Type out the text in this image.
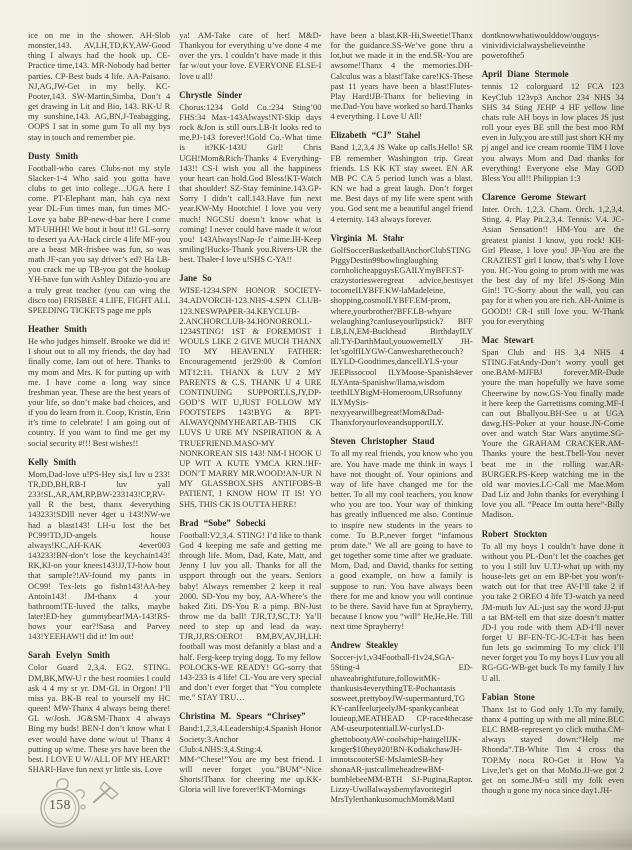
ice on me in the shower. AH-Slob monster,143. AV,LH,TD,KY,AW-Good thing I always had the hook up. CE-Practice time,143. MR-Nobody had better parties. CP-Best buds 4 life. AA-Paisano. NJ,AG,JW-Get in my belly. KC-Pooter,143. SW-Martin,Simba, Don’t 4 get drawing in Lit and Bio, 143. RK-U R my sunshine,143. AG,BN,J-Teabagging, OOPS I sat in some gum To all my bys stay in touch and remember pie.
Dusty Smith
Football-who cares Clubs-not my style Slacker-1-4 Who said you gotta have clubs to get into college…UGA here I come. PT-Elephant man, hah cya next year DL-Fun times man, fun times MC-Love ya babe BP-new-d-bar here I come MT-UHHH! We bout it bout it!! GL-sorry to desert ya AA-Hack circle 4 life MF-you are a beast MR-frisbee was fun, so was math JF-can you say driver’s ed? Ha LB-you crack me up TB-you got the hookup YH-have fun with Ashley Difazio-you are a truly great teacher (you can wing the disco too) FRISBEE 4 LIFE, FIGHT ALL SPEEDING TICKETS page me ppls
Heather Smith
He who judges himself. Brooke we did it! I shout out to all my friends, the day had finally come, Iam out of here. Thanks to my mom and Mrs. K for putting up with me. I have come a long way since freshman year. These are the best years of your life, so don’t make bad choices, and if you do learn from it. Coop, Kristin, Erin it’s time to celebrate! I am going out of country. If you want to find me get my social security #!!! Best wishes!!
Kelly Smith
Mom,Dad-love u!PS-Hey sis,I luv u 233! TR,DD,BH,RB-I luv yall 233!SL,AR,AM,RP,BW-233143!CP,RV-yall R the best, thanx 4everything 143233!SDIll never 4get u 143!NW-we had a blast143! LH-u lost the bet PC99!TD,JD-angels house always!KC,AH-KAK 4ever003 143233!BN-don’t lose the keychain143! RK,KI-on your knees143!JJ,TJ-how bout that sample?!AV-found my pants in OC99! Tex-lets go fishn143!AA-hey Antoin143! JM-thanx 4 your bathroom!TE-luved the talks, maybe later!ED-hey gummybear!MA-143!RS-hows your ear?!Sasa and Parvey 143!YEEHAW!I did it! Im out!
Sarah Evelyn Smith
Color Guard 2,3,4. EG2. STING. DM,BK,MW-U r the best roomies I could ask 4 4 my sr yr. DM-GL in Orgon! I’ll miss ya. BK-B real to yourself my HC queen! MW-Thanx 4 always being there! GL w/Josh. JG&SM-Thanx 4 always Bing my buds! BEN-I don’t know what I ever would have done w/out u! Thanx 4 putting up w/me. These yrs have been the best. I LOVE U W/ALL OF MY HEART! SHARI-Have fun next yr little sis. Love
ya! AM-Take care of her! M&D-Thankyou for everything u’ve done 4 me over the yrs. I couldn’t have made it this far w/out your love. EVERYONE ELSE-I love u all!
Chrystle Sinder
Chorus:1234 Gold Co.:234 Sting’00 FHS:34 Max-143Always!NT-Skip days rock &Jon is still ours.LB-It looks red to me.PJ-143 forever!!Gold Co.-What time is it?KK-143U Girl! Chris UGH!Mom&Rich-Thanks 4 Everything-143!! CS-I wish you all the happiness your heart can hold.God Bless!KT-Watch that shoulder! SZ-Stay feminine.143.GP-Sorry I didn’t call.143.Have fun next year.KW-My Hootchie! I love you very much! NGCSU doesn’t know what is coming! I never could have made it w/out you! 143Always!Nap-Je t’aime.IH-Keep smiling!Hucks-Thank you.Rivers-UR the best. Thaler-I love u!SHS C-YA!!
Jane So
WISE-1234.SPN HONOR SOCIETY-34.ADVORCH-123.NHS-4.SPN CLUB-123.NESWPAPER-34.KEYCLUB-2.ANCHORCLUB-34.HONORROLL-1234STING! 1ST & FOREMOST I WOULS LIKE 2 GIVE MUCH THANX TO MY HEAVENLY FATHER: Encouragementd jer29:00 & Comfort MT12:11. THANX & LUV 2 MY PARENTS & C.S. THANK U 4 URE CONTINUING SUPPORT.LS,JY,DP-GOD’S WIT U,JUST FOLLOW MY FOOTSTEPS 143!BYG & BPT-ALWAYQNMYHEART.AB-THIS CK LUVS U URE MY NSPIRATION & A TRUEFRIEND.MASO-MY NONKOREAN SIS 143! NM-I HOOK U UP WIT A KUTE YMCA KRN.!HF-DON’T MARRY MR.WOOD!AN-UR N MY GLASSBOX.SHS ANTIFOBS-B PATIENT, I KNOW HOW IT IS! YO SHS, THIS CK IS OUTTA HERE!
Brad “Sobe” Sobecki
Football:V2,3,4. STING! I’d like to thank God 4 keeping me safe and getting me through life. Mom, Dad, Kate, Matt, and Jenny I luv you all. Thanks for all the uspport through out the years. Seniors baby! Always remember 2 keep it real 2000. SD-You my boy, AA-Where’s the baked Ziti. DS-You R a pimp. BN-Just throw me da ball! TJR,TJ,SC,TJ: Ya’ll need to step up and lead da way. TJR,JJ,RS:OERO! BM,BV,AV,JH,LH: football was most defanitly a blast and a half. Ferg-keep trying dogg. To my fellow POLOCKS-WE READY! GG-sorry that 143-233 is 4 life! CL-You are very special and don’t ever forget that “You complete me.” STAY TRU…
Christina M. Spears “Chrisey”
Band:1,2,3,4.Leadership:4.Spanish Honor Society:3.Anchor Club:4.NHS:3,4.Sting:4. MM-“Chese!”You are my best friend. I will never forget you.”BUM”-Nice Shorts!Thanx for cheering me up.KK-Gloria will live forever!KT-Mornings
have been a blast.KR-Hi,Sweetie!Thanx for the guidance.SS-We’ve gone thru a lot,but we made it in the end.SR-You are awsome!Thanx 4 the memories.DH-Calculus was a blast!Take care!KS-These past 11 years have been a blast!Flutes-Play Hard!JB-Thanx for believing in me.Dad-You have worked so hard.Thanks 4 everything. I Love U All!
Elizabeth “CJ” Stahel
Band 1,2,3,4 JS Wake up calls.Hello! SR FB remember Washington trip. Great friends. LS KK KT stay sweet. EN AR MB PC CA 5 period lunch was a blast. KN we had a great laugh. Don’t forget me. Best days of my life were spent with you. God sent me a beautiful angel friend 4 eternity. 143 always forever.
Virginia M. Stahr
GolfSoccerBasketballAnchorClubSTING PiggyDestin99bowlinglaughing cornholicheapguysEGAILYmyBFF.ST-crazystoriesweregreat advice,bestisyet tocomeILYBFF.KW-laMadeleine, shopping,cosmoILYBFF.EM-prom, where,yourbrother?BFF.LB-whyare welaughing?canIuseyourlipstick? BFF LB,LN,EM-Buckhead BirthdayILY all.TY-DarthMaul,youowemeILY JH-let’sgolfILYGW-Canwesharethecouch? ILYLD-Goodtimes,danceILYLS-your JEEPissocool ILYMoose-Spanish4ever ILYAnta-Spanishw/llama,wisdom teethILYBigM-Homeroom,URsofunny ILYMySis-nexyyearwillbegreat!Mom&Dad-ThanxforyourloveandsupportILY.
Steven Christopher Staud
To all my real friends, you know who you are. You have made me think in ways I have not thought of. Your opinions and way of life have changed me for the better. To all my cool teachers, you know who you are too. Your way of thinking has greatly influenced me also. Continue to inspire new students in the years to come. To B.P.,never forget “infamous prom date.” We all are going to have to get together some time after we graduate. Mom, Dad, and David, thanks for setting a good example, on how a family is suppose to run. You have always been there for me and know you will continue to be there. Savid have fun at Sprayberry, because I know you “will” He,He,He. Till next time Sprayberry!
Andrew Steakley
Soccer-jv1,v34Football-f1v24,SGA-5Sting-4 ED-uhaveabrightfuture,followitMK-thankusis4everythingTE-Pochantasis sosweet,prettyboyJW-supermanturd,TG KY-canIfeelurjeelyJM-spankycanbeat louieup,MEATHEAD CP-race4thecase AM-useurpotentialLW-curlysLD-ghettobootyAW-coolwhip=hairgelIJK-kroger$10hey#20!BN-KodiakchawJH-imnotscooterSE-MsJamieSB-hey shonaAR-justcallmeheadrewBM-bumblebeeMM-BTH SJ-Pugina,Raptor. Lizzy-Uwillalwaysbemyfavoritegirl MrsTylerthankusomuchMom&MattI
dontknowwhatiwoulddow/ouguys-vinividivicialwaysbelieveinthe powerofthe5
April Diane Stermole
tennis 12 colorguard 12 FCA 123 KeyClub 123vp3 Anchor 234 NHS 34 SHS 34 Sting JEHP 4 HF yellow line chats rule AH boys in low places JS just roll your eyes BE still the best moo RM even in July,you are still just short KH my pj angel and ice cream roomie TIM I love you always Mom and Dad thanks for everything! Everyone else May GOD Bless You all!! Philippian 1:3
Clarence Gerome Stewart
Inter. Orch. 1,2,3. Cham. Orch. 1,2,3,4. Sting. 4. Play Pit.2,3,4. Tennis: V.4. JC-Asian Sensation!! HM-You are the greatest pianist I know, you rock! KH-Girl Please, I love you! JP-You are the CRAZIEST girl I know, that’s why I love you. HC-You going to prom with me was the best day of my life! JS-Song Min Gin!! TC-Sorry about the wall, you can pay for it when you are rich. AH-Anime is GOOD!! CR-I still love you. W-Thank you for everything
Mac Stewart
Span Club and HS 3,4 NHS 4 STING.FatAndy-Don’t worry youll get one.BAM-MJFBJ forever.MR-Dude youre the man hopefully we have some Cheerwine by now.GS-You finally made it here keep the Garrettisms coming.MF-I can out Bballyou.BH-See u at UGA dawg.HS-Poker at your house.JN-Come over and watch Star Wars anytime.SG-Youre the GRAHAM CRACKER.AM-Thanks youre the best.Tbell-You never beat me in the rolling war.AR-BURGER.PS-Keep watching me in the old war movies.LC-Call me Mae.Mom Dad Liz and John thanks for everything I love you all. “Peace Im outta here”-Billy Madison.
Robert Stockton
To all my boys I couldn’t have done it without you PL-Don’t let the coaches get to you I still luv U.TJ-what up with my house-lets get on em BP-bet you won’t-watch out for that tree AV-I’ll take 2 if you take 2 OREO 4 life TJ-watch ya need JM-muth luv AL-just say the word JJ-put a tat BM-tell em that size doesn’t matter JD-I you rode with them AD-I’ll never forget U BF-EN-TC-JC-LT-it has been fun lets go swimming To my click I’ll never forget you To my boys I Luv you all RG-GG-WB-get buck To my family I luv U all.
Fabian Stone
Thanx 1st to God only 1.To my family, thanx 4 putting up with me all mine.BLC ELC BMB-represent yo click mutha.CM-always stayed down:“Help me Rhonda”.TB-White Tim 4 cross tha TOP.My noca RO-Get it How Ya Live,let’s get on that MoMo.JJ-we got 2 get on some.JM-u still my folk even though u gone my noca since day1.JH-
158
